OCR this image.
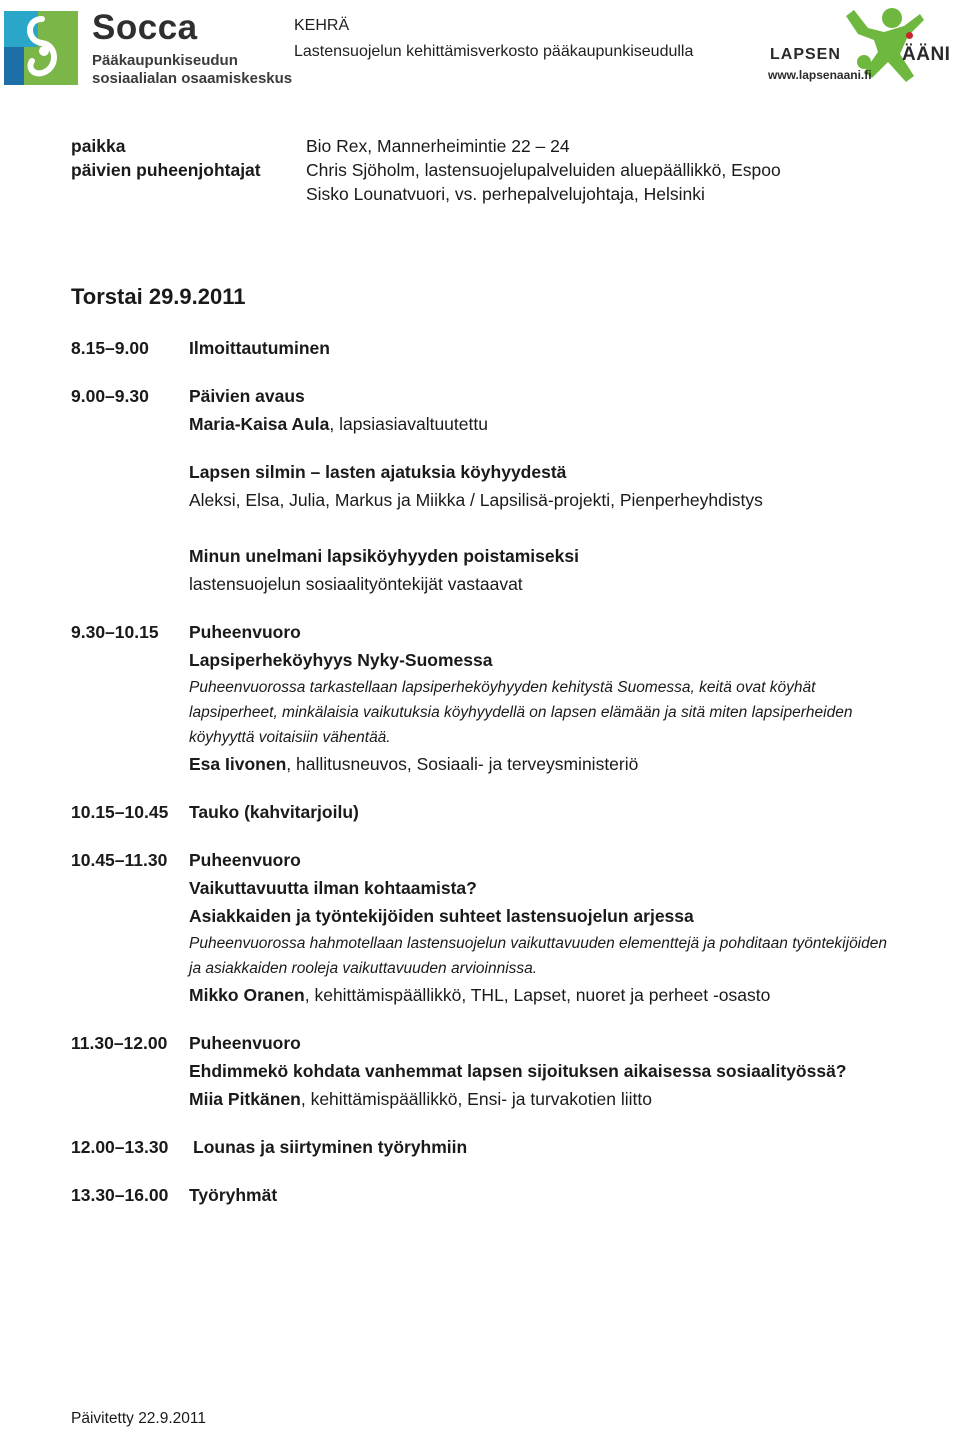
Socca
Pääkaupunkiseudun
sosiaalialan osaamiskeskus
KEHRÄ
Lastensuojelun kehittämisverkosto pääkaupunkiseudulla	LAPSEN	ÄÄNI
www.lapsenaani.fi
paikka	Bio Rex, Mannerheimintie 22 – 24
päivien puheenjohtajat	Chris Sjöholm, lastensuojelupalveluiden aluepäällikkö, Espoo
Sisko Lounatvuori, vs. perhepalvelujohtaja, Helsinki
Torstai 29.9.2011
8.15–9.00 Ilmoittautuminen
9.00–9.30 Päivien avaus
Maria-Kaisa Aula, lapsiasiavaltuutettu
Lapsen silmin – lasten ajatuksia köyhyydestä
Aleksi, Elsa, Julia, Markus ja Miikka / Lapsilisä-projekti, Pienperheyhdistys
Minun unelmani lapsiköyhyyden poistamiseksi
lastensuojelun sosiaalityöntekijät vastaavat
9.30–10.15 Puheenvuoro
Lapsiperheköyhyys Nyky-Suomessa
Puheenvuorossa tarkastellaan lapsiperheköyhyyden kehitystä Suomessa, keitä ovat köyhät
lapsiperheet, minkälaisia vaikutuksia köyhyydellä on lapsen elämään ja sitä miten lapsiperheiden
köyhyyttä voitaisiin vähentää.
Esa Iivonen, hallitusneuvos, Sosiaali- ja terveysministeriö
10.15–10.45 Tauko (kahvitarjoilu)
10.45–11.30 Puheenvuoro
Vaikuttavuutta ilman kohtaamista?
Asiakkaiden ja työntekijöiden suhteet lastensuojelun arjessa
Puheenvuorossa hahmotellaan lastensuojelun vaikuttavuuden elementtejä ja pohditaan työntekijöiden
ja asiakkaiden rooleja vaikuttavuuden arvioinnissa.
Mikko Oranen, kehittämispäällikkö, THL, Lapset, nuoret ja perheet -osasto
11.30–12.00 Puheenvuoro
Ehdimmekö kohdata vanhemmat lapsen sijoituksen aikaisessa sosiaalityössä?
Miia Pitkänen, kehittämispäällikkö, Ensi- ja turvakotien liitto
12.00–13.30 Lounas ja siirtyminen työryhmiin
13.30–16.00 Työryhmät
Päivitetty 22.9.2011
